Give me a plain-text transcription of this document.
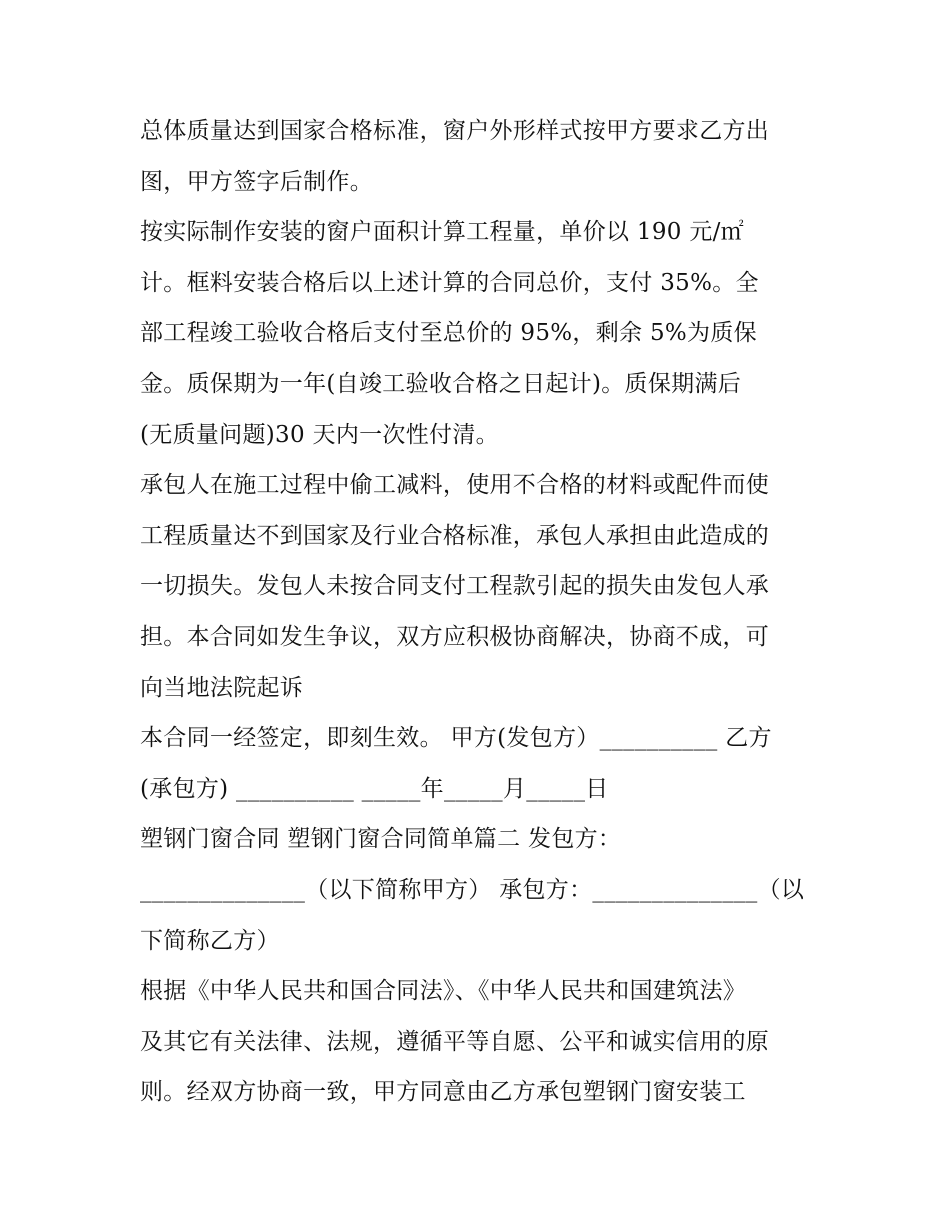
总体质量达到国家合格标准，窗户外形样式按甲方要求乙方出
图，甲方签字后制作。
按实际制作安装的窗户面积计算工程量，单价以 190 元/㎡
计。框料安装合格后以上述计算的合同总价，支付 35%。全
部工程竣工验收合格后支付至总价的 95%，剩余 5%为质保
金。质保期为一年(自竣工验收合格之日起计)。质保期满后
(无质量问题)30 天内一次性付清。
承包人在施工过程中偷工减料，使用不合格的材料或配件而使
工程质量达不到国家及行业合格标准，承包人承担由此造成的
一切损失。发包人未按合同支付工程款引起的损失由发包人承
担。本合同如发生争议，双方应积极协商解决，协商不成，可
向当地法院起诉
本合同一经签定，即刻生效。 甲方(发包方）__________ 乙方
(承包方) __________ _____年_____月_____日
塑钢门窗合同 塑钢门窗合同简单篇二 发包方：
______________（以下简称甲方） 承包方：______________（以
下简称乙方）
根据《中华人民共和国合同法》、《中华人民共和国建筑法》
及其它有关法律、法规，遵循平等自愿、公平和诚实信用的原
则。经双方协商一致，甲方同意由乙方承包塑钢门窗安装工
